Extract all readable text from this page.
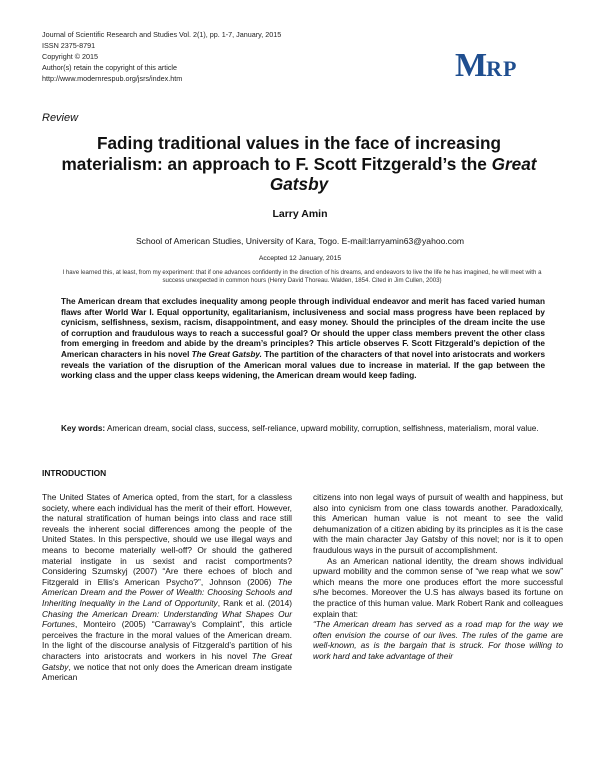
Journal of Scientific Research and Studies Vol. 2(1), pp. 1-7, January, 2015
ISSN 2375-8791
Copyright © 2015
Author(s) retain the copyright of this article
http://www.modernrespub.org/jsrs/index.htm	MRP
Review
Fading traditional values in the face of increasing materialism: an approach to F. Scott Fitzgerald’s the Great Gatsby
Larry Amin
School of American Studies, University of Kara, Togo. E-mail:larryamin63@yahoo.com
Accepted 12 January, 2015
I have learned this, at least, from my experiment: that if one advances confidently in the direction of his dreams, and endeavors to live the life he has imagined, he will meet with a success unexpected in common hours (Henry David Thoreau. Walden, 1854. Cited in Jim Cullen, 2003)
The American dream that excludes inequality among people through individual endeavor and merit has faced varied human flaws after World War I. Equal opportunity, egalitarianism, inclusiveness and social mass progress have been replaced by cynicism, selfishness, sexism, racism, disappointment, and easy money. Should the principles of the dream incite the use of corruption and fraudulous ways to reach a successful goal? Or should the upper class members prevent the other class from emerging in freedom and abide by the dream’s principles? This article observes F. Scott Fitzgerald’s depiction of the American characters in his novel The Great Gatsby. The partition of the characters of that novel into aristocrats and workers reveals the variation of the disruption of the American moral values due to increase in material. If the gap between the working class and the upper class keeps widening, the American dream would keep fading.
Key words: American dream, social class, success, self-reliance, upward mobility, corruption, selfishness, materialism, moral value.
INTRODUCTION

The United States of America opted, from the start, for a classless society, where each individual has the merit of their effort. However, the natural stratification of human beings into class and race still reveals the inherent social differences among the people of the United States. In this perspective, should we use illegal ways and means to become materially well-off? Or should the gathered material instigate in us sexist and racist comportments? Considering Szumskyj (2007) “Are there echoes of bloch and Fitzgerald in Ellis's American Psycho?”, Johnson (2006) The American Dream and the Power of Wealth: Choosing Schools and Inheriting Inequality in the Land of Opportunity, Rank et al. (2014) Chasing the American Dream: Understanding What Shapes Our Fortunes, Monteiro (2005) “Carraway's Complaint”, this article perceives the fracture in the moral values of the American dream. In the light of the discourse analysis of Fitzgerald’s partition of his characters into aristocrats and workers in his novel The Great Gatsby, we notice that not only does the American dream instigate American

citizens into non legal ways of pursuit of wealth and happiness, but also into cynicism from one class towards another. Paradoxically, this American human value is not meant to see the valid dehumanization of a citizen abiding by its principles as it is the case with the main character Jay Gatsby of this novel; nor is it to open fraudulous ways in the pursuit of accomplishment.

As an American national identity, the dream shows individual upward mobility and the common sense of “we reap what we sow” which means the more one produces effort the more successful s/he becomes. Moreover the U.S has always based its fortune on the practice of this human value. Mark Robert Rank and colleagues explain that:

“The American dream has served as a road map for the way we often envision the course of our lives. The rules of the game are well-known, as is the bargain that is struck. For those willing to work hard and take advantage of their
